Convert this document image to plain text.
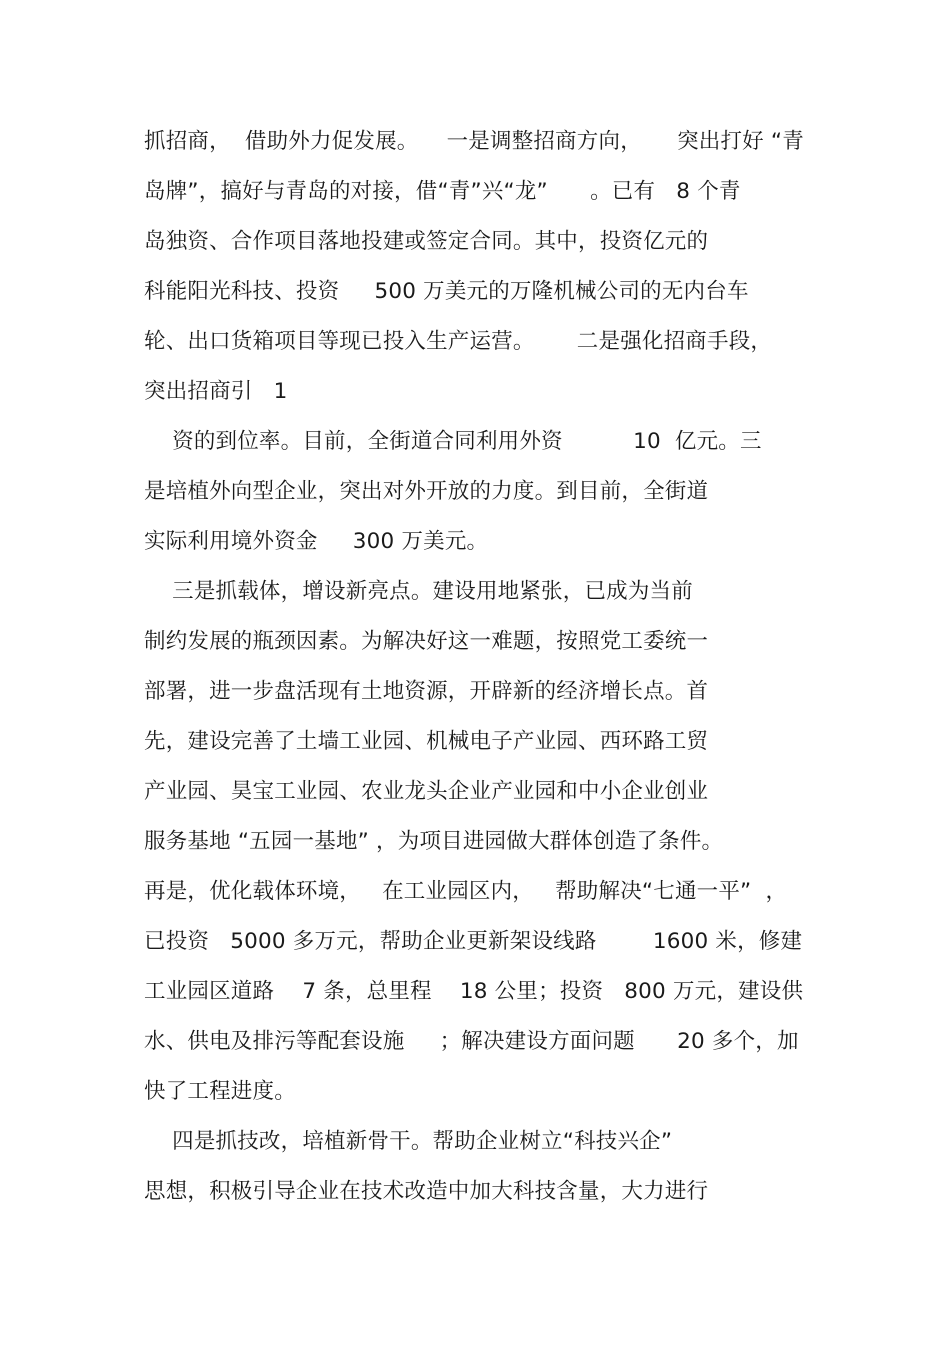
抓招商，  借助外力促发展。    一是调整招商方向，     突出打好 “青
岛牌”，搞好与青岛的对接，借“青”兴“龙”      。已有   8 个青
岛独资、合作项目落地投建或签定合同。其中，投资亿元的
科能阳光科技、投资     500 万美元的万隆机械公司的无内台车
轮、出口货箱项目等现已投入生产运营。      二是强化招商手段，
突出招商引   1
资的到位率。目前，全街道合同利用外资          10  亿元。三
是培植外向型企业，突出对外开放的力度。到目前，全街道
实际利用境外资金     300 万美元。
三是抓载体，增设新亮点。建设用地紧张，已成为当前
制约发展的瓶颈因素。为解决好这一难题，按照党工委统一
部署，进一步盘活现有土地资源，开辟新的经济增长点。首
先，建设完善了土墙工业园、机械电子产业园、西环路工贸
产业园、昊宝工业园、农业龙头企业产业园和中小企业创业
服务基地 “五园一基地” ，为项目进园做大群体创造了条件。
再是，优化载体环境，   在工业园区内，   帮助解决“七通一平”  ，
已投资   5000 多万元，帮助企业更新架设线路        1600 米，修建
工业园区道路    7 条，总里程    18 公里；投资   800 万元，建设供
水、供电及排污等配套设施     ；解决建设方面问题      20 多个，加
快了工程进度。
四是抓技改，培植新骨干。帮助企业树立“科技兴企”
思想，积极引导企业在技术改造中加大科技含量，大力进行
